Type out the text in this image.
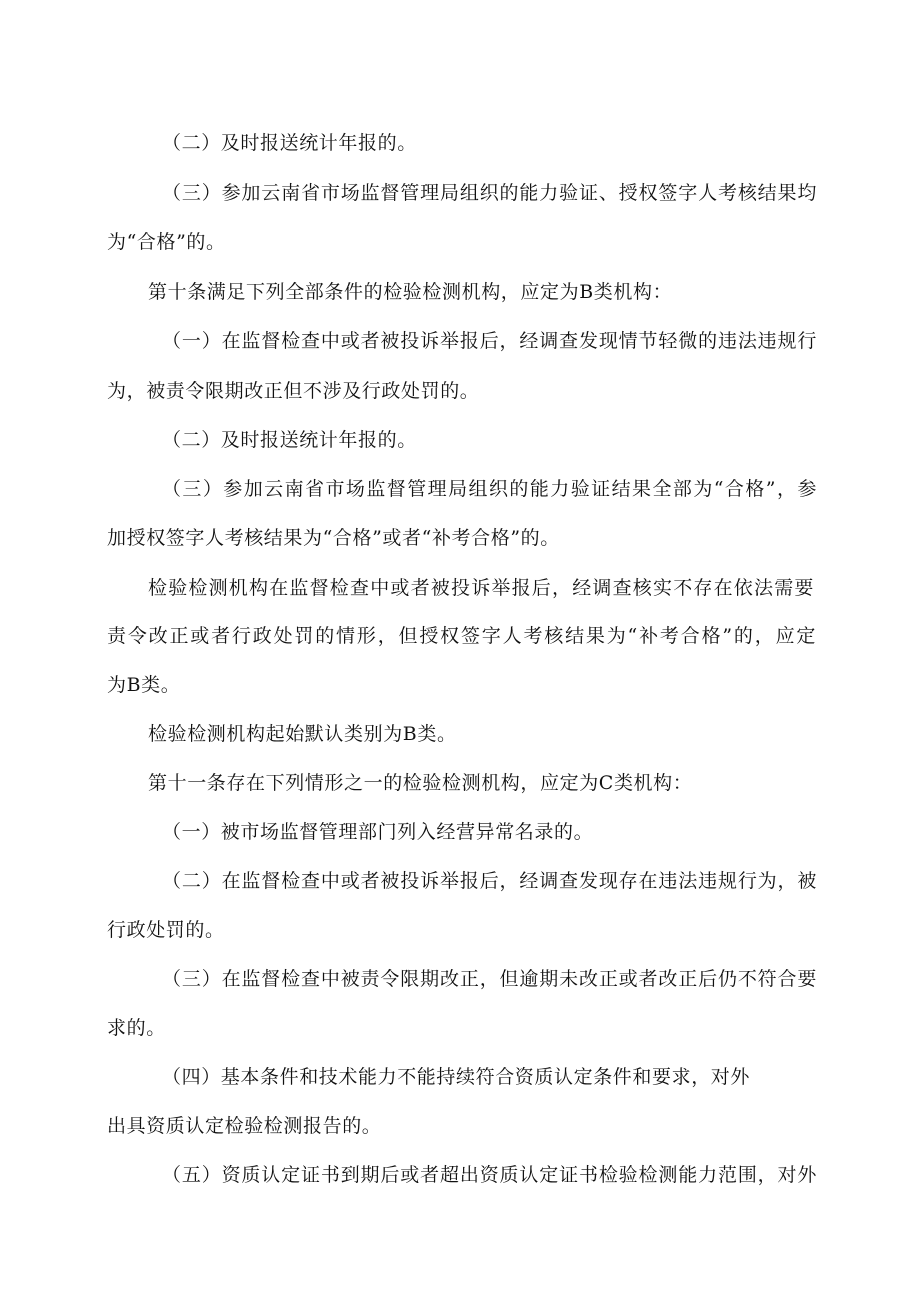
（二）及时报送统计年报的。
（三）参加云南省市场监督管理局组织的能力验证、授权签字人考核结果均
为“合格”的。
第十条满足下列全部条件的检验检测机构，应定为B类机构：
（一）在监督检查中或者被投诉举报后，经调查发现情节轻微的违法违规行
为，被责令限期改正但不涉及行政处罚的。
（二）及时报送统计年报的。
（三）参加云南省市场监督管理局组织的能力验证结果全部为“合格”，参
加授权签字人考核结果为“合格”或者“补考合格”的。
检验检测机构在监督检查中或者被投诉举报后，经调查核实不存在依法需要
责令改正或者行政处罚的情形，但授权签字人考核结果为“补考合格”的，应定
为B类。
检验检测机构起始默认类别为B类。
第十一条存在下列情形之一的检验检测机构，应定为C类机构：
（一）被市场监督管理部门列入经营异常名录的。
（二）在监督检查中或者被投诉举报后，经调查发现存在违法违规行为，被
行政处罚的。
（三）在监督检查中被责令限期改正，但逾期未改正或者改正后仍不符合要
求的。
（四）基本条件和技术能力不能持续符合资质认定条件和要求，对外
出具资质认定检验检测报告的。
（五）资质认定证书到期后或者超出资质认定证书检验检测能力范围，对外
